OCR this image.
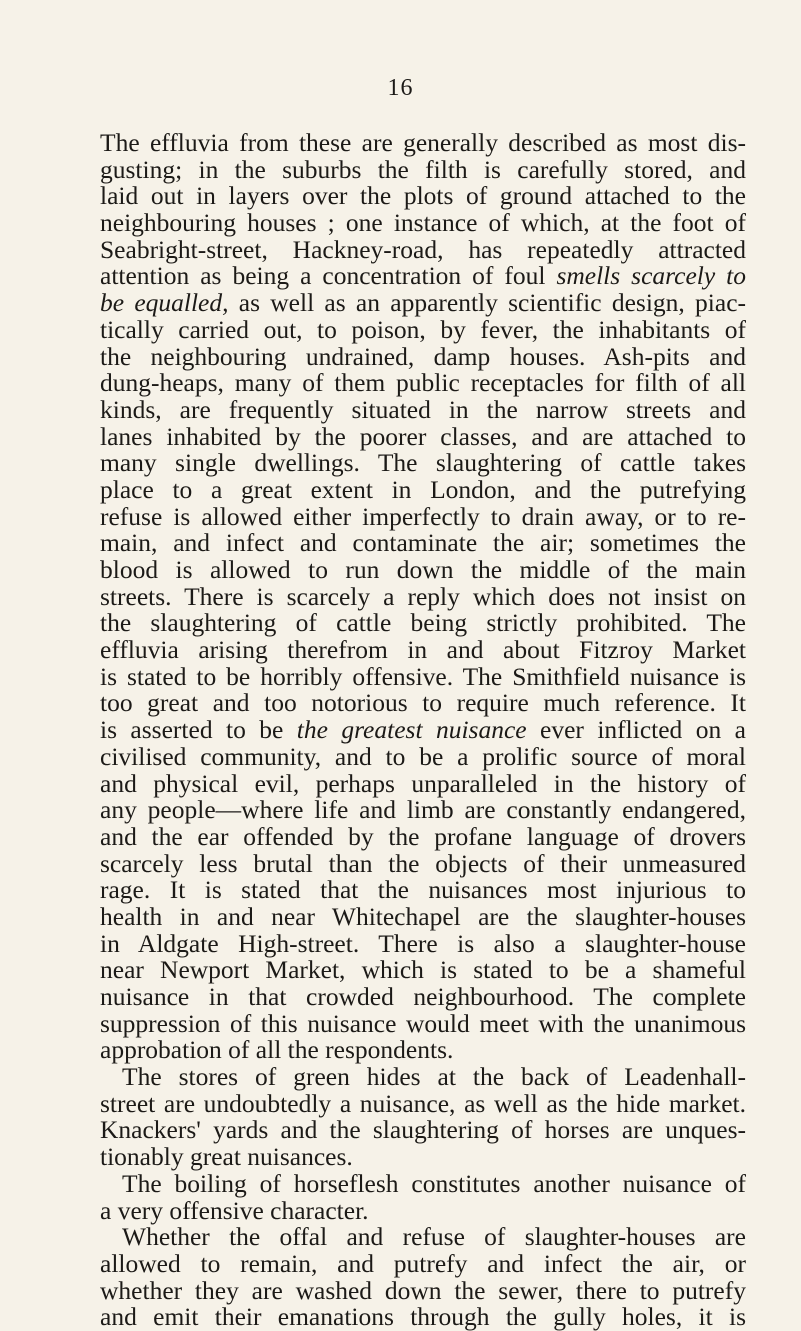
16
The effluvia from these are generally described as most dis-
gusting; in the suburbs the filth is carefully stored, and
laid out in layers over the plots of ground attached to the
neighbouring houses ; one instance of which, at the foot of
Seabright-street, Hackney-road, has repeatedly attracted
attention as being a concentration of foul smells scarcely to
be equalled, as well as an apparently scientific design, piac-
tically carried out, to poison, by fever, the inhabitants of
the neighbouring undrained, damp houses. Ash-pits and
dung-heaps, many of them public receptacles for filth of all
kinds, are frequently situated in the narrow streets and
lanes inhabited by the poorer classes, and are attached to
many single dwellings. The slaughtering of cattle takes
place to a great extent in London, and the putrefying
refuse is allowed either imperfectly to drain away, or to re-
main, and infect and contaminate the air; sometimes the
blood is allowed to run down the middle of the main
streets. There is scarcely a reply which does not insist on
the slaughtering of cattle being strictly prohibited. The
effluvia arising therefrom in and about Fitzroy Market
is stated to be horribly offensive. The Smithfield nuisance is
too great and too notorious to require much reference. It
is asserted to be the greatest nuisance ever inflicted on a
civilised community, and to be a prolific source of moral
and physical evil, perhaps unparalleled in the history of
any people—where life and limb are constantly endangered,
and the ear offended by the profane language of drovers
scarcely less brutal than the objects of their unmeasured
rage. It is stated that the nuisances most injurious to
health in and near Whitechapel are the slaughter-houses
in Aldgate High-street. There is also a slaughter-house
near Newport Market, which is stated to be a shameful
nuisance in that crowded neighbourhood. The complete
suppression of this nuisance would meet with the unanimous
approbation of all the respondents.
The stores of green hides at the back of Leadenhall-
street are undoubtedly a nuisance, as well as the hide market.
Knackers' yards and the slaughtering of horses are unques-
tionably great nuisances.
The boiling of horseflesh constitutes another nuisance of
a very offensive character.
Whether the offal and refuse of slaughter-houses are
allowed to remain, and putrefy and infect the air, or
whether they are washed down the sewer, there to putrefy
and emit their emanations through the gully holes, it is
